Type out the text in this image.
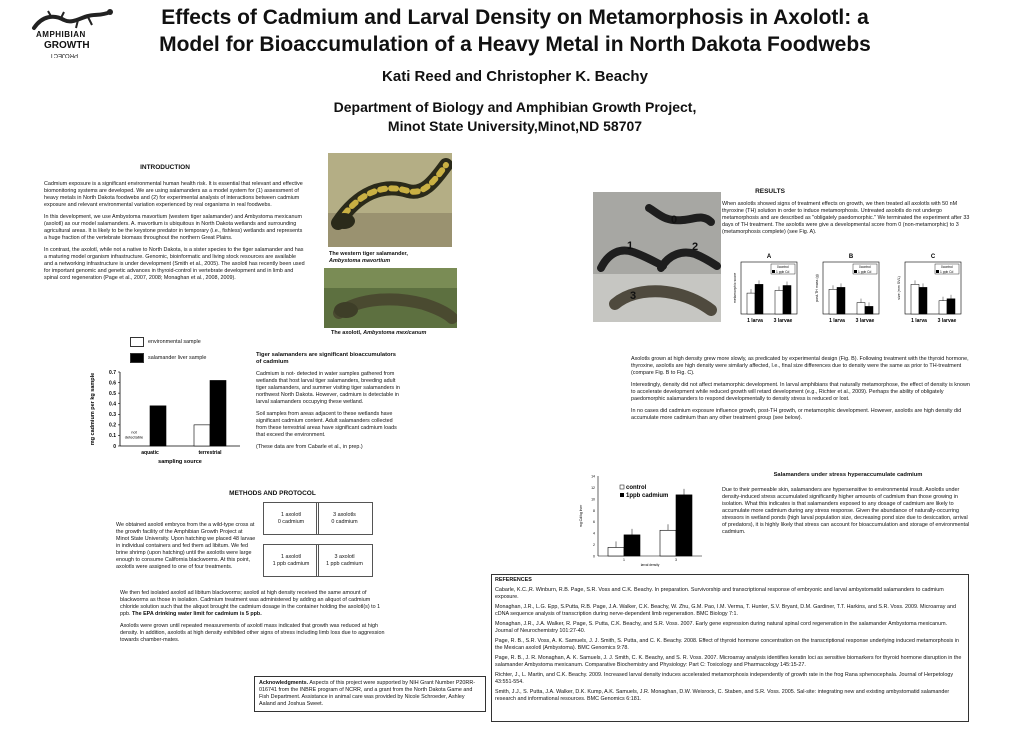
AMPHIBIAN
GROWTH
PROJECT
Effects of Cadmium and Larval Density on Metamorphosis in Axolotl: a
Model for Bioaccumulation of a Heavy Metal in North Dakota Foodwebs
Kati Reed and Christopher K. Beachy
Department of Biology and Amphibian Growth Project,
Minot State University,Minot,ND 58707
INTRODUCTION

Cadmium exposure is a significant environmental human health risk. It is essential that relevant and effective biomonitoring systems are developed. We are using salamanders as a model system for (1) assessment of heavy metals in North Dakota foodwebs and (2) for experimental analysis of interactions between cadmium exposure and relevant environmental variation experienced by real organisms in real foodwebs.

In this development, we use Ambystoma mavortium (western tiger salamander) and Ambystoma mexicanum (axolotl) as our model salamanders. A. mavortium is ubiquitous in North Dakota wetlands and surrounding agricultural areas. It is likely to be the keystone predator in temporary (i.e., fishless) wetlands and represents a huge fraction of the vertebrate biomass throughout the northern Great Plains.

In contrast, the axolotl, while not a native to North Dakota, is a sister species to the tiger salamander and has a maturing model organism infrastructure. Genomic, bioinformatic and living stock resources are available and a networking infrastructure is under development (Smith et al., 2005). The axolotl has recently been used for important genomic and genetic advances in thyroid-control in vertebrate development and in limb and spinal cord regeneration (Page et al., 2007, 2008; Monaghan et al., 2008, 2009).

The western tiger salamander,
Ambystoma mavortium
The axolotl, Ambystoma mexicanum
environmental sample
salamander liver sample
0
0.1
0.2
0.3
0.4
0.5
0.6
0.7
aquatic	terrestrial
not
detectable
sampling source
mg cadmium per kg sample

Tiger salamanders are significant bioaccumulators of cadmium

Cadmium is not- detected in water samples gathered from wetlands that host larval tiger salamanders, breeding adult tiger salamanders, and summer visiting tiger salamanders in northwest North Dakota. However, cadmium is detectable in larval salamanders occupying these wetland.

Soil samples from areas adjacent to these wetlands have significant cadmium content. Adult salamanders collected from these terrestrial areas have significant cadmium loads that exceed the environment.

(These data are from Cabarle et al., in prep.)

METHODS AND PROTOCOL
1 axolotl
0 cadmium
3 axolotls
0 cadmium
1 axolotl
1 ppb cadmium
3 axolotl
1 ppb cadmium
We obtained axolotl embryos from the a wild-type cross at the growth facility of the Amphibian Growth Project at Minot State University. Upon hatching we placed 48 larvae in individual containers and fed them ad libitum. We fed brine shrimp (upon hatching) until the axolotls were large enough to consume California blackworms. At this point, axolotls were assigned to one of four treatments.

We then fed isolated axolotl ad libitum blackworms; axolotl at high density received the same amount of blackworms as those in isolation. Cadmium treatment was administered by adding an aliquot of cadmium chloride solution such that the aliquot brought the cadmium dosage in the container holding the axolotl(s) to 1 ppb. The EPA drinking water limit for cadmium is 5 ppb.

Axolotls were grown until repeated measurements of axolotl mass indicated that growth was reduced at high density. In addition, axolotls at high density exhibited other signs of stress including limb loss due to aggression towards chamber-mates.

Acknowledgments. Aspects of this project were supported by NIH Grant Number P20RR-016741 from the INBRE program of NCRR, and a grant from the North Dakota Game and Fish Department. Assistance in animal care was provided by Nicole Schroeder, Ashley Aaland and Joshua Sweet.
0
1	2
3
RESULTS
When axolotls showed signs of treatment effects on growth, we then treated all axolotls with 50 nM thyroxine (TH) solution in order to induce metamorphosis. Untreated axolotls do not undergo metamorphosis and are described as "obligately paedomorphic." We terminated the experiment after 33 days of TH treatment. The axolotls were give a developmental score from 0 (non-metamorphic) to 3 (metamorphosis complete) (see Fig. A).
A
metamorphic score
0control
1 ppb Cd
1 larva 3 larvae
B
post-TH mass (g)
0control
1 ppb Cd
1 larva 3 larvae
C
size (mm SVL)
0control
1 ppb Cd
1 larva 3 larvae

Axolotls grown at high density grew more slowly, as predicated by experimental design (Fig. B). Following treatment with the thyroid hormone, thyroxine, axolotls are high density were similarly affected, I.e., final size differences due to density were the same as prior to TH-treatment (compare Fig. B to Fig. C).

Interestingly, density did not affect metamorphic development. In larval amphibians that naturally metamorphose, the effect of density is known to accelerate development while reduced growth will retard development (e.g., Richter et al., 2009). Perhaps the ability of obligately paedomorphic salamanders to respond developmentally to density stress is reduced or lost.

In no cases did cadmium exposure influence growth, post-TH growth, or metamorphic development. However, axolotls are high density did accumulate more cadmium than any other treatment group (see below).

Salamanders under stress hyperaccumulate cadmium
0
2
4
6
8
10
12
14
mg Cd/kg liver
control
1ppb cadmium
1	3
larval density
Due to their permeable skin, salamanders are hypersensitive to environmental insult. Axolotls under density-induced stress accumulated significantly higher amounts of cadmium than those growing in isolation. What this indicates is that salamanders exposed to any dosage of cadmium are likely to accumulate more cadmium during any stress response. Given the abundance of naturally-occurring stressors in wetland ponds (high larval population size, decreasing pond size due to desiccation, arrival of predators), it is highly likely that stress can account for bioaccumulation and storage of environmental cadmium.

REFERENCES

Cabarle, K.C.,R. Winburn, R.B. Page, S.R. Voss and C.K. Beachy. In preparation. Survivorship and transcriptional response of embryonic and larval ambystomatid salamanders to cadmium exposure.

Monaghan, J.R., L.G. Epp, S.Putta, R.B. Page, J.A. Walker, C.K. Beachy, W. Zhu, G.M. Pao, I.M. Verma, T. Hunter, S.V. Bryant, D.M. Gardiner, T.T. Harkins, and S.R. Voss. 2009. Microarray and cDNA sequence analysis of transcription during nerve-dependent limb regeneration. BMC Biology 7:1.

Monaghan, J.R., J.A. Walker, R. Page, S. Putta, C.K. Beachy, and S.R. Voss. 2007. Early gene expression during natural spinal cord regeneration in the salamander Ambystoma mexicanum. Journal of Neurochemistry 101:27-40.

Page, R. B., S.R. Voss, A. K. Samuels, J. J. Smith, S. Putta, and C. K. Beachy. 2008. Effect of thyroid hormone concentration on the transcriptional response underlying induced metamorphosis in the Mexican axolotl (Ambystoma). BMC Genomics 9:78.

Page, R. B., J. R. Monaghan, A. K. Samuels, J. J. Smith, C. K. Beachy, and S. R. Voss. 2007. Microarray analysis identifies keratin loci as sensitive biomarkers for thyroid hormone disruption in the salamander Ambystoma mexicanum. Comparative Biochemistry and Physiology: Part C: Toxicology and Pharmacology 145:15-27.

Richter, J., L. Martin, and C.K. Beachy. 2009. Increased larval density induces accelerated metamorphosis independently of growth rate in the frog Rana sphenocephala. Journal of Herpetology 43:551-554.

Smith, J.J., S. Putta, J.A. Walker, D.K. Kump, A.K. Samuels, J.R. Monaghan, D.W. Weisrock, C. Staben, and S.R. Voss. 2005. Sal-site: integrating new and existing ambystomatid salamander research and informational resources. BMC Genomics 6:181.
